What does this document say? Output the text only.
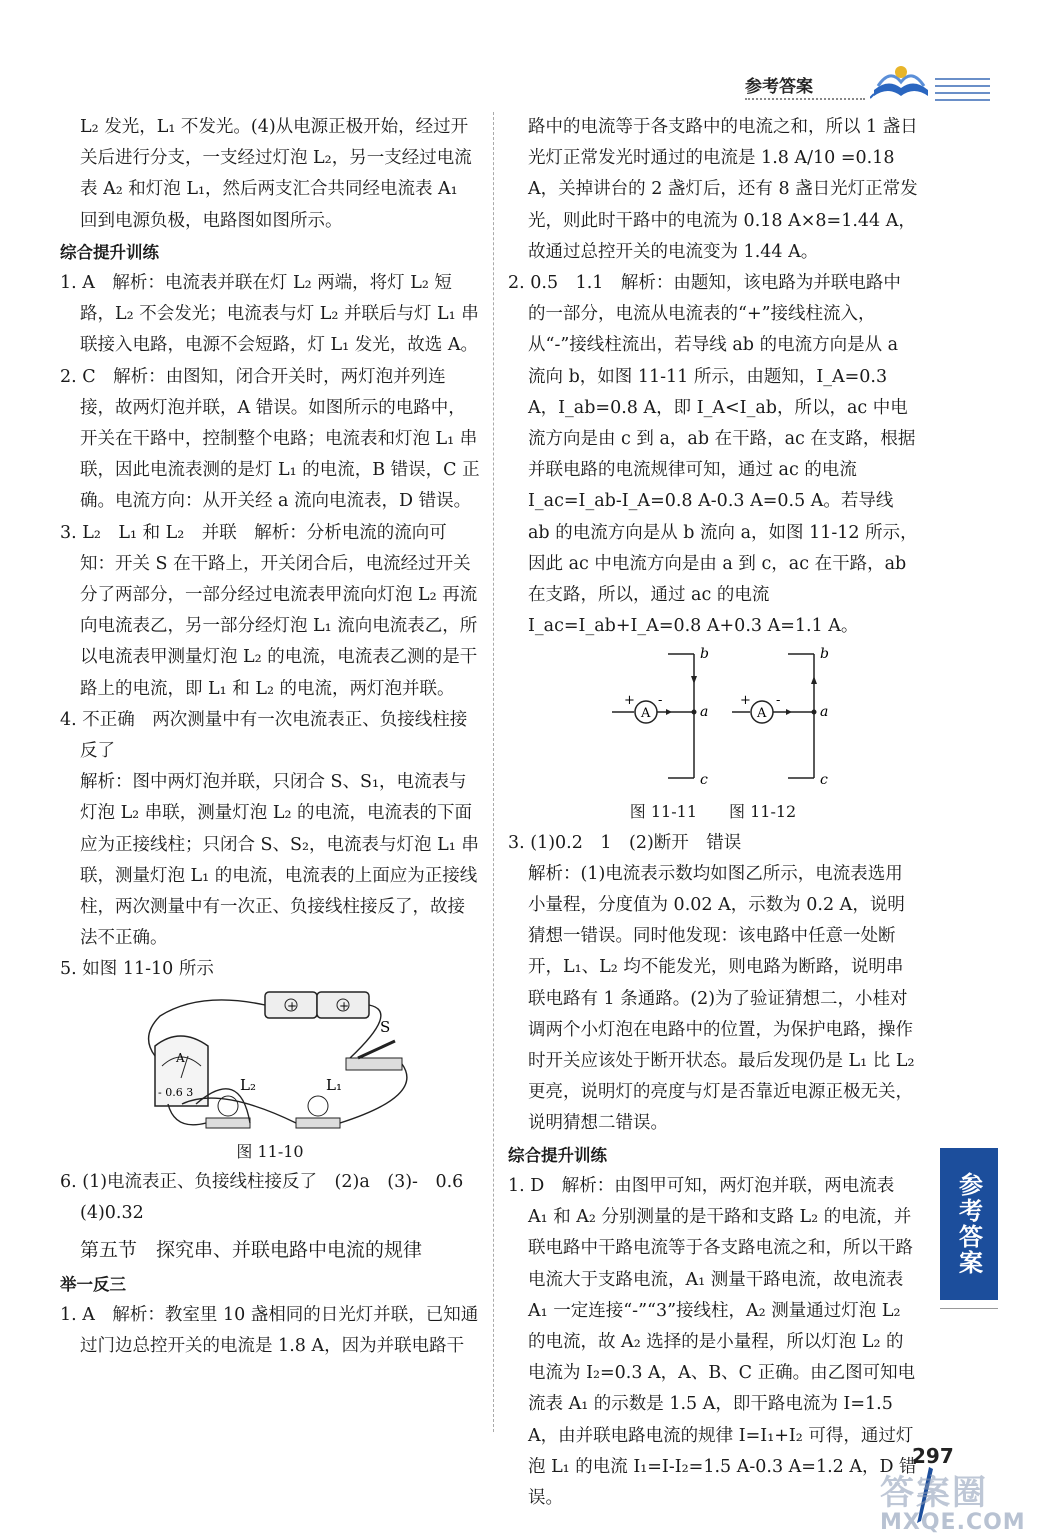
参考答案

L₂ 发光，L₁ 不发光。(4)从电源正极开始，经过开关后进行分支，一支经过灯泡 L₂，另一支经过电流表 A₂ 和灯泡 L₁，然后两支汇合共同经电流表 A₁ 回到电源负极，电路图如图所示。

综合提升训练

1. A　解析：电流表并联在灯 L₂ 两端，将灯 L₂ 短路，L₂ 不会发光；电流表与灯 L₂ 并联后与灯 L₁ 串联接入电路，电源不会短路，灯 L₁ 发光，故选 A。

2. C　解析：由图知，闭合开关时，两灯泡并列连接，故两灯泡并联，A 错误。如图所示的电路中，开关在干路中，控制整个电路；电流表和灯泡 L₁ 串联，因此电流表测的是灯 L₁ 的电流，B 错误，C 正确。电流方向：从开关经 a 流向电流表，D 错误。

3. L₂　L₁ 和 L₂　并联　解析：分析电流的流向可知：开关 S 在干路上，开关闭合后，电流经过开关分了两部分，一部分经过电流表甲流向灯泡 L₂ 再流向电流表乙，另一部分经灯泡 L₁ 流向电流表乙，所以电流表甲测量灯泡 L₂ 的电流，电流表乙测的是干路上的电流，即 L₁ 和 L₂ 的电流，两灯泡并联。

4. 不正确　两次测量中有一次电流表正、负接线柱接反了

解析：图中两灯泡并联，只闭合 S、S₁，电流表与灯泡 L₂ 串联，测量灯泡 L₂ 的电流，电流表的下面应为正接线柱；只闭合 S、S₂，电流表与灯泡 L₁ 串联，测量灯泡 L₁ 的电流，电流表的上面应为正接线柱，两次测量中有一次正、负接线柱接反了，故接法不正确。

5. 如图 11-10 所示

+	+
A
- 0.6 3
S
L₂	L₁

图 11-10

6. (1)电流表正、负接线柱接反了　(2)a　(3)-　0.6

(4)0.32

第五节　探究串、并联电路中电流的规律

举一反三

1. A　解析：教室里 10 盏相同的日光灯并联，已知通过门边总控开关的电流是 1.8 A，因为并联电路干

路中的电流等于各支路中的电流之和，所以 1 盏日光灯正常发光时通过的电流是 1.8 A/10 =0.18 A，关掉讲台的 2 盏灯后，还有 8 盏日光灯正常发光，则此时干路中的电流为 0.18 A×8=1.44 A，故通过总控开关的电流变为 1.44 A。

2. 0.5　1.1　解析：由题知，该电路为并联电路中的一部分，电流从电流表的“+”接线柱流入，从“-”接线柱流出，若导线 ab 的电流方向是从 a 流向 b，如图 11-11 所示，由题知，I_A=0.3 A，I_ab=0.8 A，即 I_A<I_ab，所以，ac 中电流方向是由 c 到 a，ab 在干路，ac 在支路，根据并联电路的电流规律可知，通过 ac 的电流 I_ac=I_ab-I_A=0.8 A-0.3 A=0.5 A。若导线 ab 的电流方向是从 b 流向 a，如图 11-12 所示，因此 ac 中电流方向是由 a 到 c，ac 在干路，ab 在支路，所以，通过 ac 的电流 I_ac=I_ab+I_A=0.8 A+0.3 A=1.1 A。

A
+ -
b
a
c
A
+ -
b
a
c

图 11-11　　图 11-12

3. (1)0.2　1　(2)断开　错误

解析：(1)电流表示数均如图乙所示，电流表选用小量程，分度值为 0.02 A，示数为 0.2 A，说明猜想一错误。同时他发现：该电路中任意一处断开，L₁、L₂ 均不能发光，则电路为断路，说明串联电路有 1 条通路。(2)为了验证猜想二，小桂对调两个小灯泡在电路中的位置，为保护电路，操作时开关应该处于断开状态。最后发现仍是 L₁ 比 L₂ 更亮，说明灯的亮度与灯是否靠近电源正极无关，说明猜想二错误。

综合提升训练

1. D　解析：由图甲可知，两灯泡并联，两电流表 A₁ 和 A₂ 分别测量的是干路和支路 L₂ 的电流，并联电路中干路电流等于各支路电流之和，所以干路电流大于支路电流，A₁ 测量干路电流，故电流表 A₁ 一定连接“-”“3”接线柱，A₂ 测量通过灯泡 L₂ 的电流，故 A₂ 选择的是小量程，所以灯泡 L₂ 的电流为 I₂=0.3 A，A、B、C 正确。由乙图可知电流表 A₁ 的示数是 1.5 A，即干路电流为 I=1.5 A，由并联电路电流的规律 I=I₁+I₂ 可得，通过灯泡 L₁ 的电流 I₁=I-I₂=1.5 A-0.3 A=1.2 A，D 错误。

参考答案
297
答案圈
MXQE.COM
